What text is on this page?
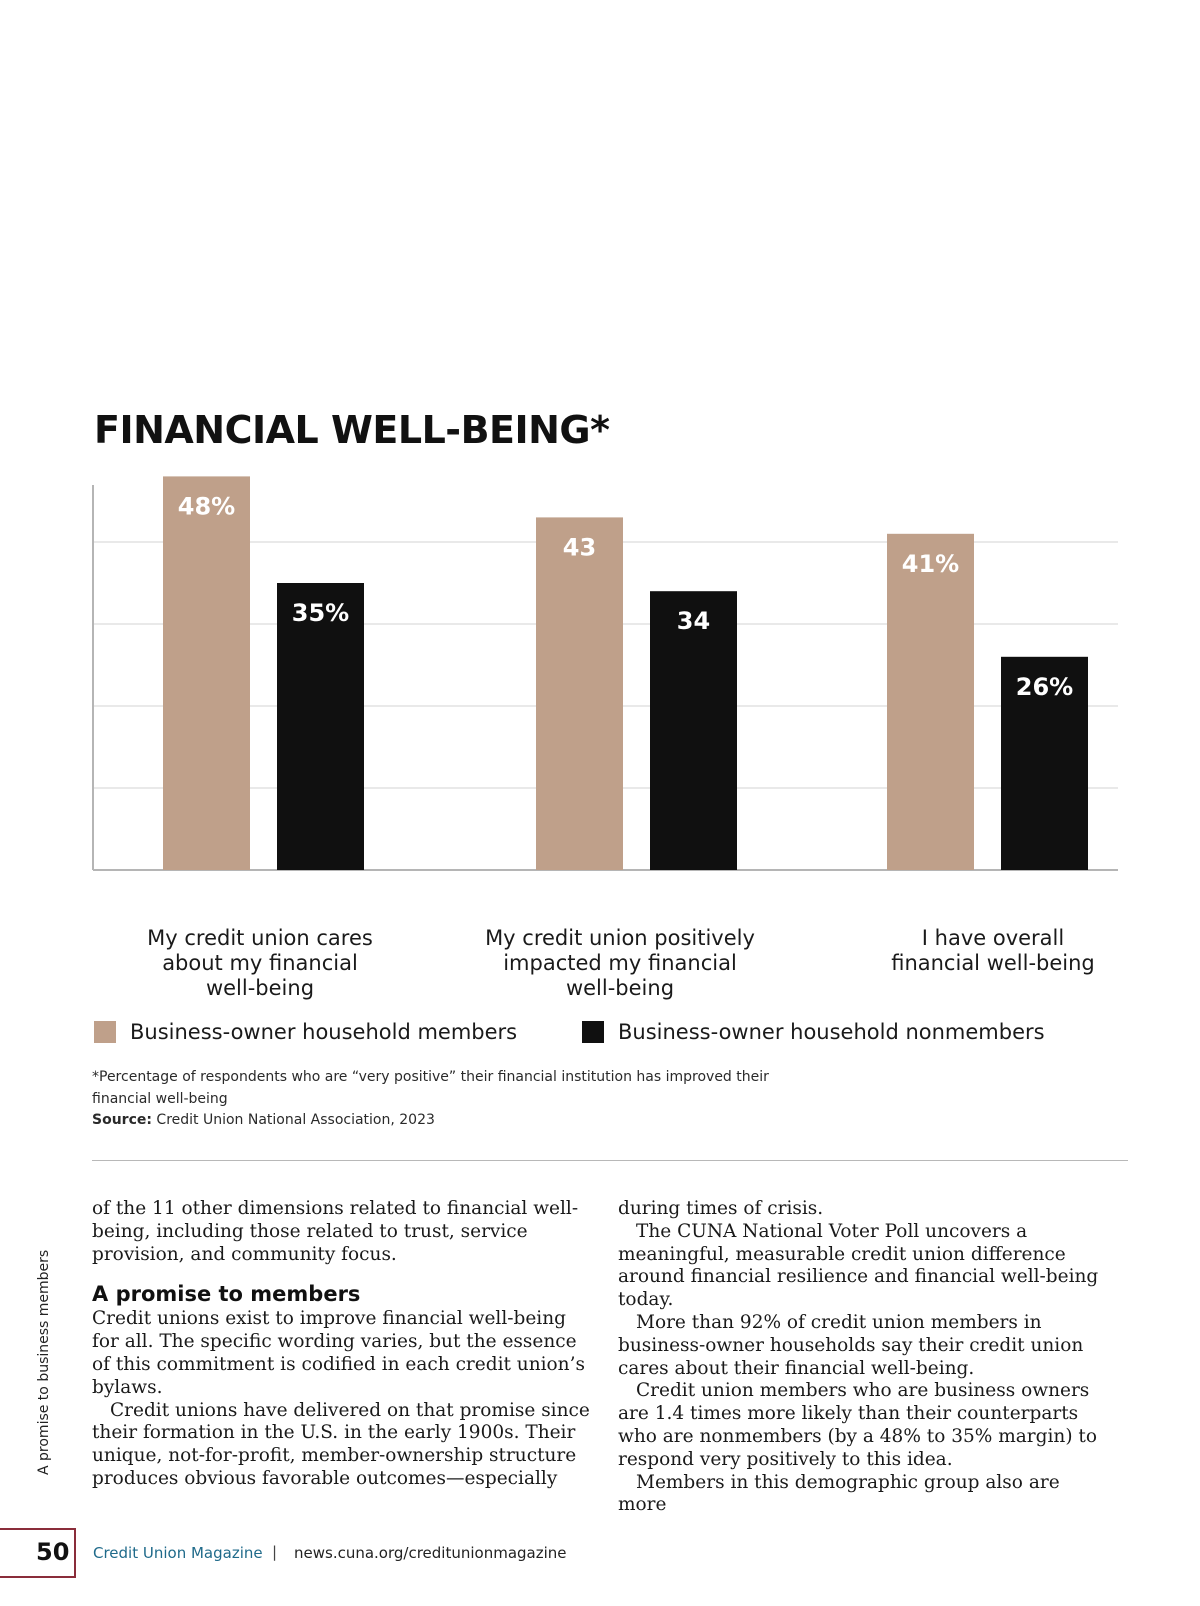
FINANCIAL WELL-BEING*
48%
35%
43
34
41%
26%
My credit union cares
about my financial
well-being
My credit union positively
impacted my financial
well-being
I have overall
financial well-being
Business-owner household members	Business-owner household nonmembers
*Percentage of respondents who are “very positive” their financial institution has improved their financial well-being
Source: Credit Union National Association, 2023

of the 11 other dimensions related to financial well-being, including those related to trust, service provision, and community focus.

A promise to members

Credit unions exist to improve financial well-being for all. The specific wording varies, but the essence of this commitment is codified in each credit union’s bylaws.

Credit unions have delivered on that promise since their formation in the U.S. in the early 1900s. Their unique, not-for-profit, member-ownership structure produces obvious favorable outcomes—especially

during times of crisis.

The CUNA National Voter Poll uncovers a meaningful, measurable credit union difference around financial resilience and financial well-being today.

More than 92% of credit union members in business-owner households say their credit union cares about their financial well-being.

Credit union members who are business owners are 1.4 times more likely than their counterparts who are nonmembers (by a 48% to 35% margin) to respond very positively to this idea.

Members in this demographic group also are more

A promise to business members
50 Credit Union Magazine | news.cuna.org/creditunionmagazine
